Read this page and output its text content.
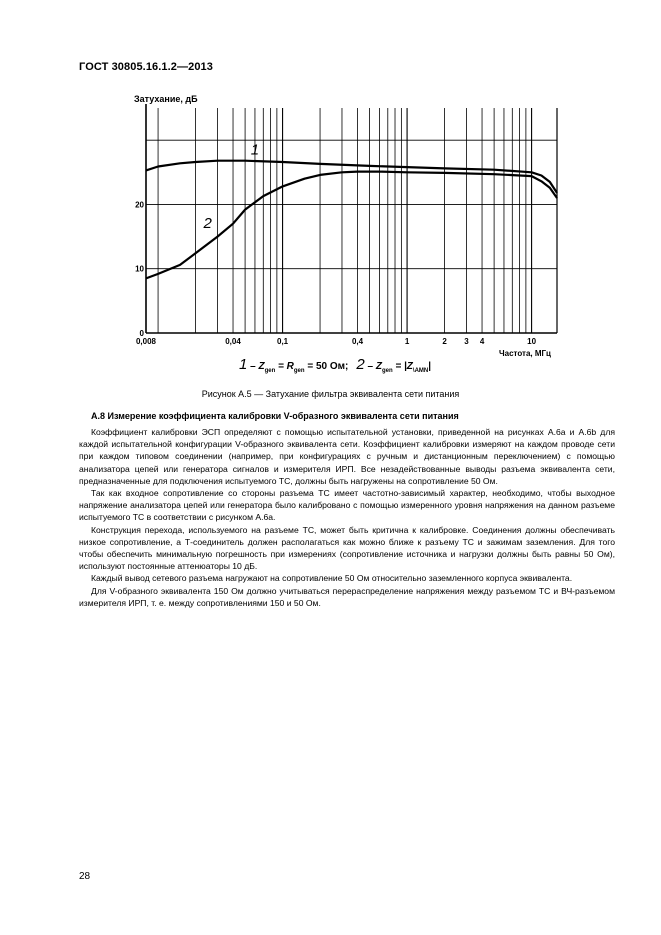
ГОСТ 30805.16.1.2—2013
0,008	0,04	0,1	0,4	1	2 3 4	10
0
10
20
1
2
Затухание, дБ
Частота, МГц
$1 - Z_{gen} = R_{gen} = 50$ Ом; $2 - Z_{gen} = |Z_{\backslash AMN}|$
Рисунок А.5 — Затухание фильтра эквивалента сети питания
А.8 Измерение коэффициента калибровки V-образного эквивалента сети питания

Коэффициент калибровки ЭСП определяют с помощью испытательной установки, приведенной на рисунках А.6а и А.6b для каждой испытательной конфигурации V-образного эквивалента сети. Коэффициент калибровки измеряют на каждом проводе сети при каждом типовом соединении (например, при конфигурациях с ручным и дистанционным переключением) с помощью анализатора цепей или генератора сигналов и измерителя ИРП. Все незадействованные выводы разъема эквивалента сети, предназначенные для подключения испытуемого ТС, должны быть нагружены на сопротивление 50 Ом.

Так как входное сопротивление со стороны разъема ТС имеет частотно-зависимый характер, необходимо, чтобы выходное напряжение анализатора цепей или генератора было калибровано с помощью измеренного уровня напряжения на данном разъеме испытуемого ТС в соответствии с рисунком А.6а.

Конструкция перехода, используемого на разъеме ТС, может быть критична к калибровке. Соединения должны обеспечивать низкое сопротивление, а Т-соединитель должен располагаться как можно ближе к разъему ТС и зажимам заземления. Для того чтобы обеспечить минимальную погрешность при измерениях (сопротивление источника и нагрузки должны быть равны 50 Ом), используют постоянные аттенюаторы 10 дБ.

Каждый вывод сетевого разъема нагружают на сопротивление 50 Ом относительно заземленного корпуса эквивалента.

Для V-образного эквивалента 150 Ом должно учитываться перераспределение напряжения между разъемом ТС и ВЧ-разъемом измерителя ИРП, т. е. между сопротивлениями 150 и 50 Ом.

28
